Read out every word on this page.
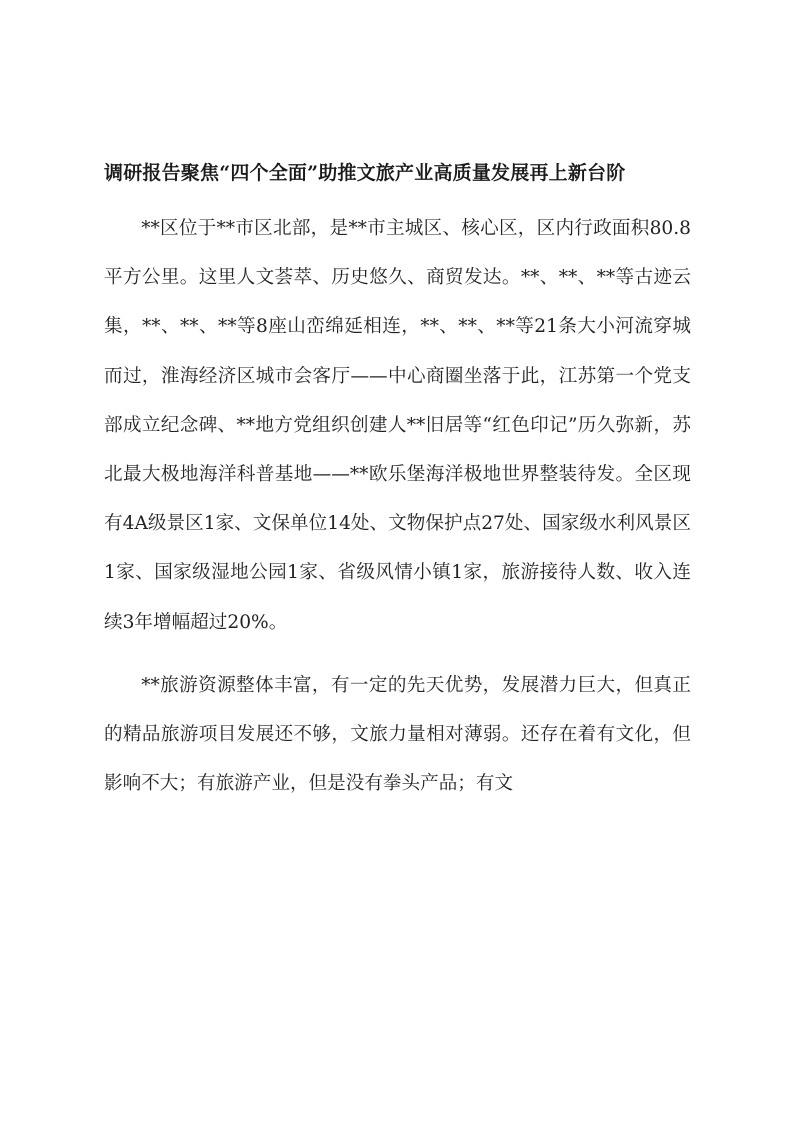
调研报告聚焦“四个全面”助推文旅产业高质量发展再上新台阶

**区位于**市区北部，是**市主城区、核心区，区内行政面积80.8平方公里。这里人文荟萃、历史悠久、商贸发达。**、**、**等古迹云集，**、**、**等8座山峦绵延相连，**、**、**等21条大小河流穿城而过，淮海经济区城市会客厅——中心商圈坐落于此，江苏第一个党支部成立纪念碑、**地方党组织创建人**旧居等“红色印记”历久弥新，苏北最大极地海洋科普基地——**欧乐堡海洋极地世界整装待发。全区现有4A级景区1家、文保单位14处、文物保护点27处、国家级水利风景区1家、国家级湿地公园1家、省级风情小镇1家，旅游接待人数、收入连续3年增幅超过20%。

**旅游资源整体丰富，有一定的先天优势，发展潜力巨大，但真正的精品旅游项目发展还不够，文旅力量相对薄弱。还存在着有文化，但影响不大；有旅游产业，但是没有拳头产品；有文
